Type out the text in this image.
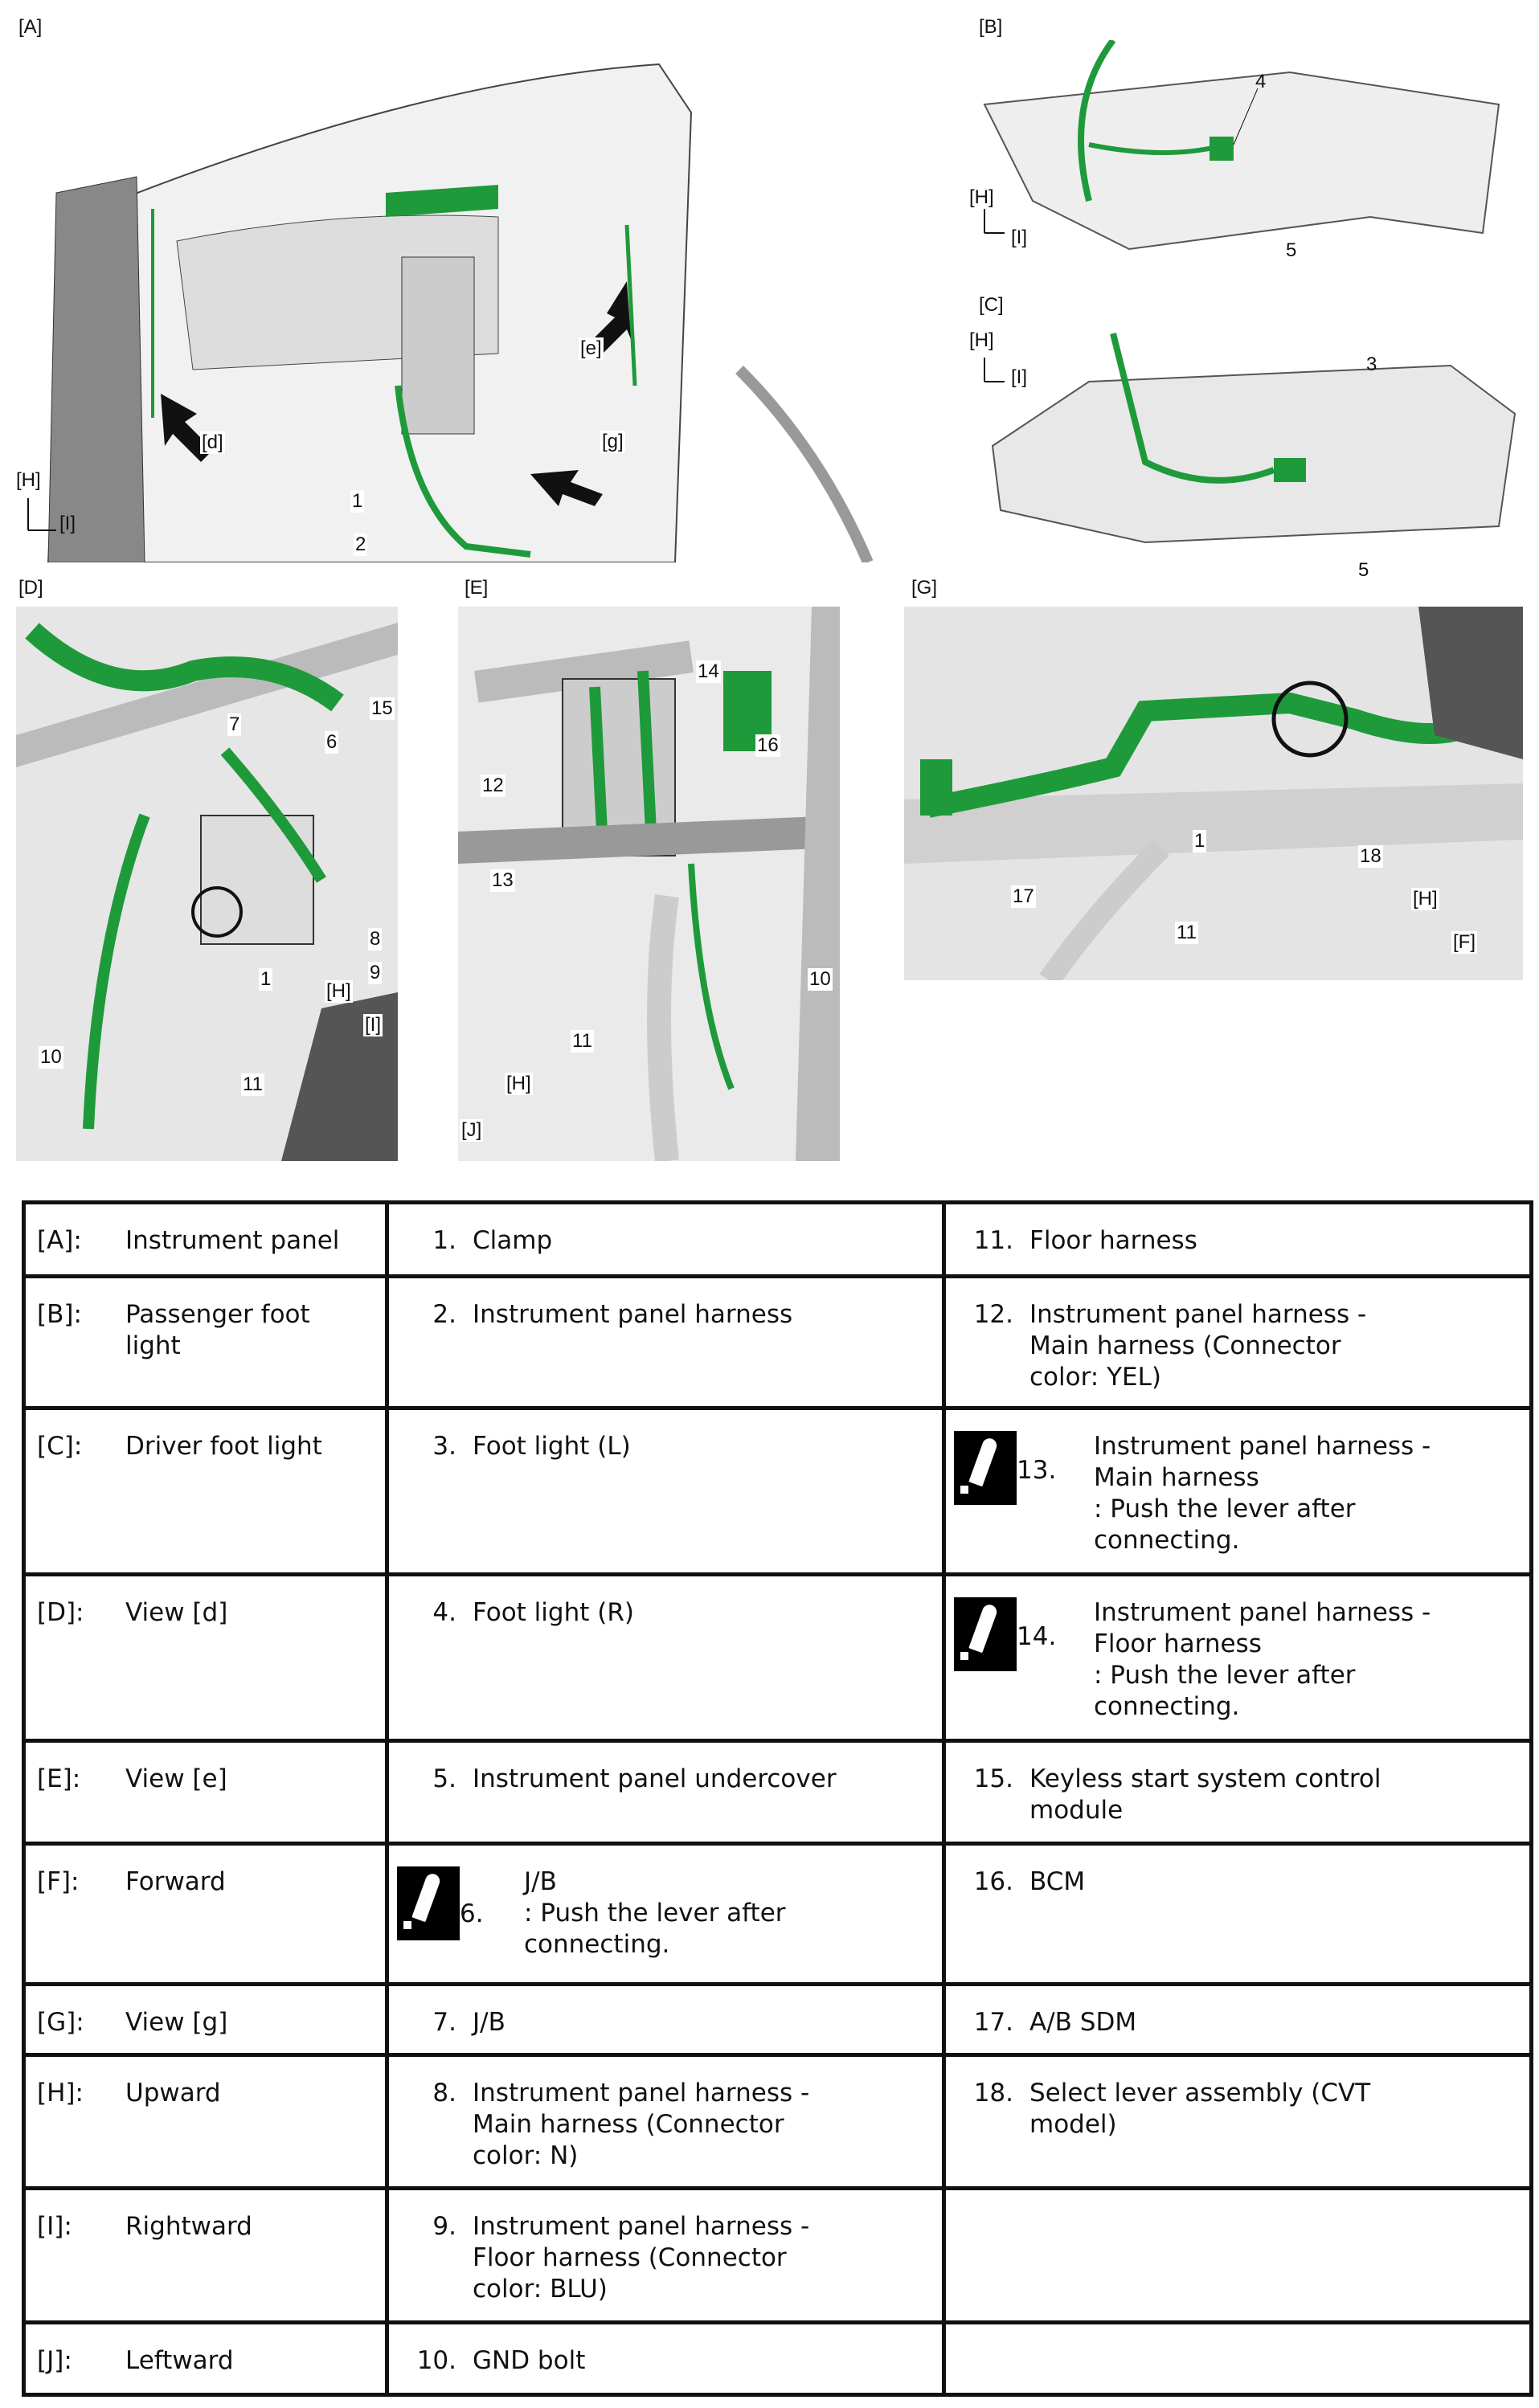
[A]
[d]
[e]
[g]
1
2
[H]
[I]
[B]
4
5
[H]
[I]
[C]
3
5
[H]
[I]
[D]
7
6
15
8
9
1
[H]
[I]
11
10
[E]
14
16
12
13
11
10
[H]
[J]
[G]
1
18
17
11
[H]
[F]
[A]: Instrument panel	1. Clamp	11. Floor harness

[B]: Passenger foot light	2. Instrument panel harness	12. Instrument panel harness - Main harness (Connector color: YEL)

[C]: Driver foot light	3. Foot light (L)	13.
Instrument panel harness - Main harness
: Push the lever after connecting.

[D]: View [d]	4. Foot light (R)	14.
Instrument panel harness - Floor harness
: Push the lever after connecting.

[E]: View [e]	5. Instrument panel undercover	15. Keyless start system control module

[F]: Forward	6.
J/B
: Push the lever after connecting.	16. BCM

[G]: View [g]	7. J/B	17. A/B SDM

[H]: Upward	8. Instrument panel harness - Main harness (Connector color: N)	18. Select lever assembly (CVT model)

[I]: Rightward	9. Instrument panel harness - Floor harness (Connector color: BLU)	

[J]: Leftward	10. GND bolt	
